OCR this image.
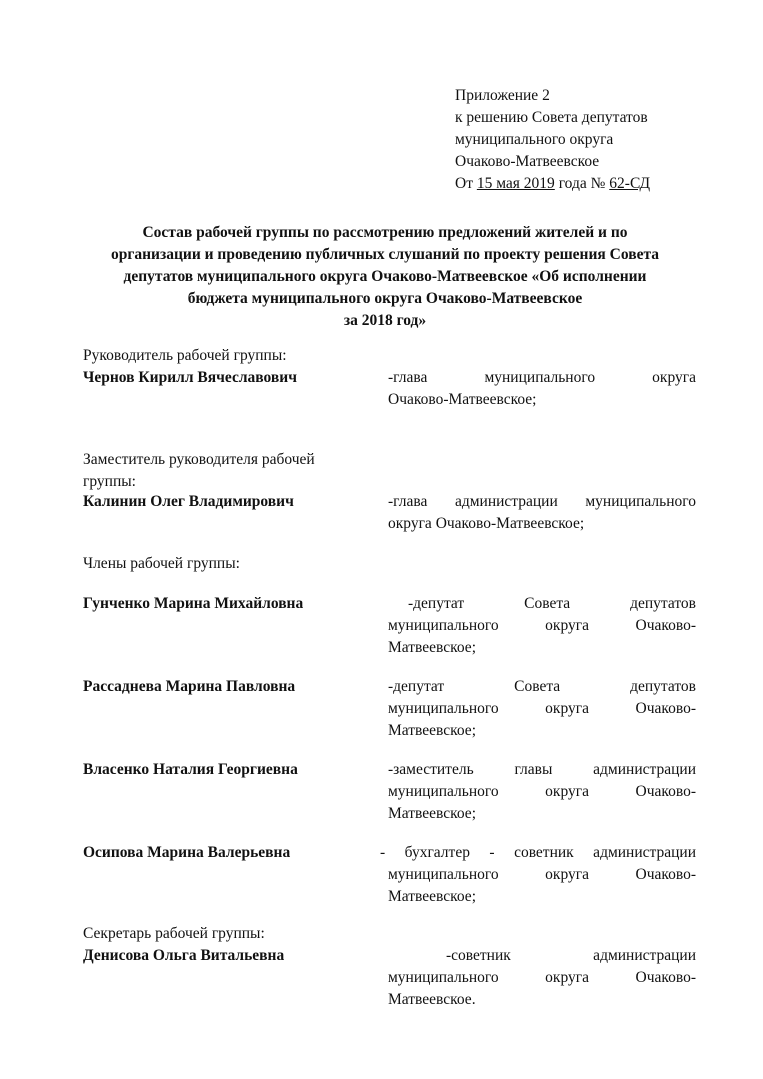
Приложение 2
к решению Совета депутатов
муниципального округа
Очаково-Матвеевское
От 15 мая 2019 года № 62-СД
Состав рабочей группы по рассмотрению предложений жителей и по
организации и проведению публичных слушаний по проекту решения Совета
депутатов муниципального округа Очаково-Матвеевское «Об исполнении
бюджета муниципального округа Очаково-Матвеевское
за 2018 год»
Руководитель рабочей группы:
Чернов Кирилл Вячеславович	-глава муниципального округа
Очаково-Матвеевское;
Заместитель руководителя рабочей
группы:
Калинин Олег Владимирович	-глава администрации муниципального
округа Очаково-Матвеевское;
Члены рабочей группы:
Гунченко Марина Михайловна	-депутат Совета депутатов
муниципального округа Очаково-
Матвеевское;
Рассаднева Марина Павловна	-депутат Совета депутатов
муниципального округа Очаково-
Матвеевское;
Власенко Наталия Георгиевна	-заместитель главы администрации
муниципального округа Очаково-
Матвеевское;
Осипова Марина Валерьевна	- бухгалтер - советник администрации
муниципального округа Очаково-
Матвеевское;
Секретарь рабочей группы:
Денисова Ольга Витальевна	-советник администрации
муниципального округа Очаково-
Матвеевское.
